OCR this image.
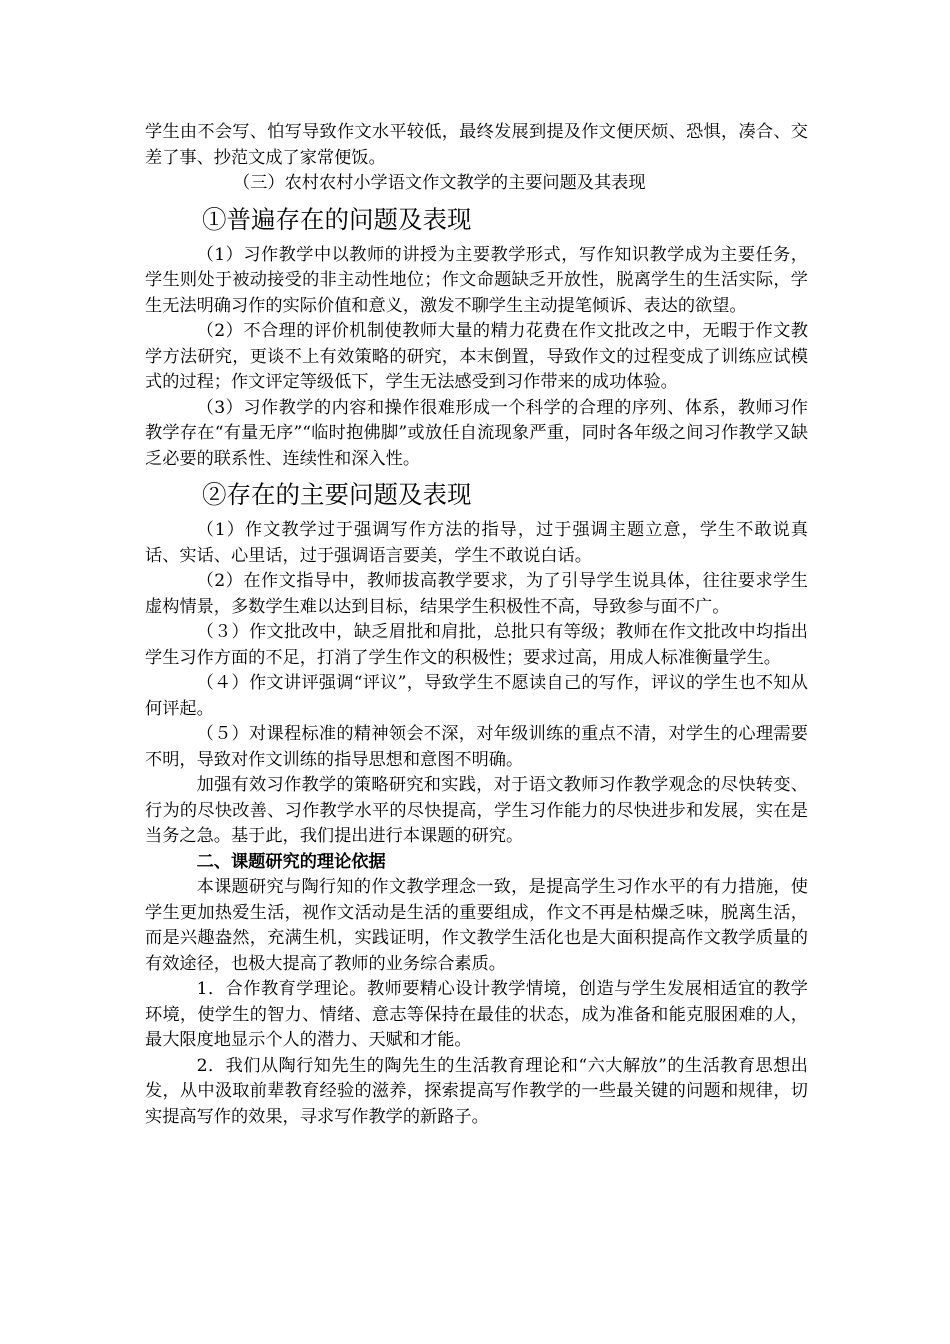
学生由不会写、怕写导致作文水平较低，最终发展到提及作文便厌烦、恐惧，凑合、交差了事、抄范文成了家常便饭。

（三）农村农村小学语文作文教学的主要问题及其表现

①普遍存在的问题及表现

（1）习作教学中以教师的讲授为主要教学形式，写作知识教学成为主要任务，学生则处于被动接受的非主动性地位；作文命题缺乏开放性，脱离学生的生活实际，学生无法明确习作的实际价值和意义，激发不聊学生主动提笔倾诉、表达的欲望。

（2）不合理的评价机制使教师大量的精力花费在作文批改之中，无暇于作文教学方法研究，更谈不上有效策略的研究，本末倒置，导致作文的过程变成了训练应试模式的过程；作文评定等级低下，学生无法感受到习作带来的成功体验。

（3）习作教学的内容和操作很难形成一个科学的合理的序列、体系，教师习作教学存在“有量无序”“临时抱佛脚”或放任自流现象严重，同时各年级之间习作教学又缺乏必要的联系性、连续性和深入性。

②存在的主要问题及表现

（1）作文教学过于强调写作方法的指导，过于强调主题立意，学生不敢说真话、实话、心里话，过于强调语言要美，学生不敢说白话。

（2）在作文指导中，教师拔高教学要求，为了引导学生说具体，往往要求学生虚构情景，多数学生难以达到目标，结果学生积极性不高，导致参与面不广。

（３）作文批改中，缺乏眉批和肩批，总批只有等级；教师在作文批改中均指出学生习作方面的不足，打消了学生作文的积极性；要求过高，用成人标准衡量学生。

（４）作文讲评强调“评议”，导致学生不愿读自己的写作，评议的学生也不知从何评起。

（５）对课程标准的精神领会不深，对年级训练的重点不清，对学生的心理需要不明，导致对作文训练的指导思想和意图不明确。

加强有效习作教学的策略研究和实践，对于语文教师习作教学观念的尽快转变、行为的尽快改善、习作教学水平的尽快提高，学生习作能力的尽快进步和发展，实在是当务之急。基于此，我们提出进行本课题的研究。

二、课题研究的理论依据

本课题研究与陶行知的作文教学理念一致，是提高学生习作水平的有力措施，使学生更加热爱生活，视作文活动是生活的重要组成，作文不再是枯燥乏味，脱离生活，而是兴趣盎然，充满生机，实践证明，作文教学生活化也是大面积提高作文教学质量的有效途径，也极大提高了教师的业务综合素质。

1．合作教育学理论。教师要精心设计教学情境，创造与学生发展相适宜的教学环境，使学生的智力、情绪、意志等保持在最佳的状态，成为准备和能克服困难的人，最大限度地显示个人的潜力、天赋和才能。

2．我们从陶行知先生的陶先生的生活教育理论和“六大解放”的生活教育思想出发，从中汲取前辈教育经验的滋养，探索提高写作教学的一些最关键的问题和规律，切实提高写作的效果，寻求写作教学的新路子。
